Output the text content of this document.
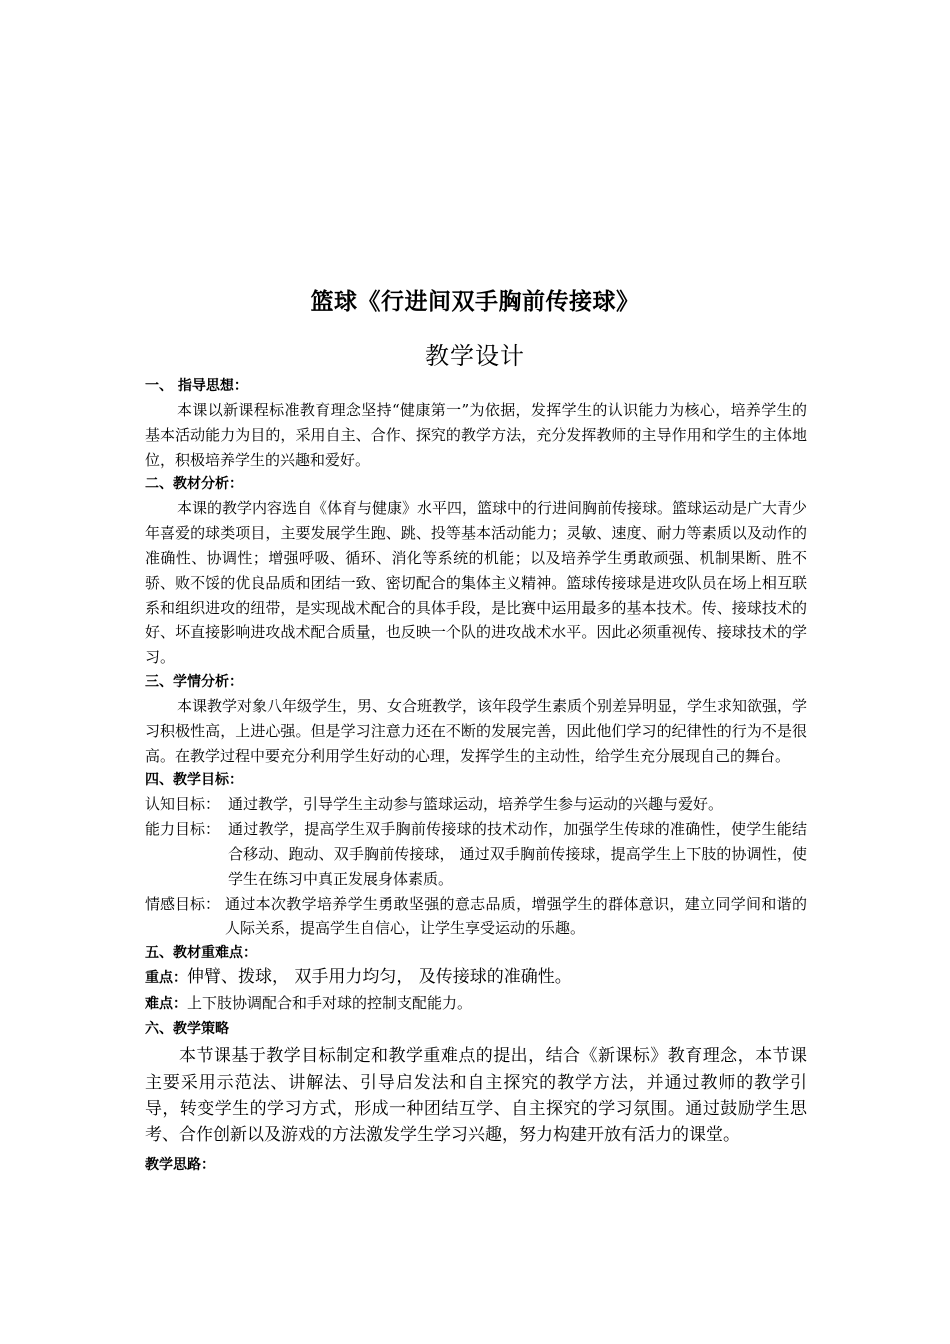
篮球《行进间双手胸前传接球》
教学设计
一、 指导思想：
本课以新课程标准教育理念坚持“健康第一”为依据，发挥学生的认识能力为核心，培养学生的基本活动能力为目的，采用自主、合作、探究的教学方法，充分发挥教师的主导作用和学生的主体地位，积极培养学生的兴趣和爱好。
二、教材分析：
本课的教学内容选自《体育与健康》水平四，篮球中的行进间胸前传接球。篮球运动是广大青少年喜爱的球类项目，主要发展学生跑、跳、投等基本活动能力；灵敏、速度、耐力等素质以及动作的准确性、协调性；增强呼吸、循环、消化等系统的机能；以及培养学生勇敢顽强、机制果断、胜不骄、败不馁的优良品质和团结一致、密切配合的集体主义精神。篮球传接球是进攻队员在场上相互联系和组织进攻的纽带，是实现战术配合的具体手段，是比赛中运用最多的基本技术。传、接球技术的好、坏直接影响进攻战术配合质量，也反映一个队的进攻战术水平。因此必须重视传、接球技术的学习。
三、学情分析：
本课教学对象八年级学生，男、女合班教学，该年段学生素质个别差异明显，学生求知欲强，学习积极性高，上进心强。但是学习注意力还在不断的发展完善，因此他们学习的纪律性的行为不是很高。在教学过程中要充分利用学生好动的心理，发挥学生的主动性，给学生充分展现自己的舞台。
四、教学目标：
认知目标： 通过教学，引导学生主动参与篮球运动，培养学生参与运动的兴趣与爱好。
能力目标： 通过教学，提高学生双手胸前传接球的技术动作，加强学生传球的准确性，使学生能结合移动、跑动、双手胸前传接球， 通过双手胸前传接球，提高学生上下肢的协调性，使学生在练习中真正发展身体素质。
情感目标： 通过本次教学培养学生勇敢坚强的意志品质，增强学生的群体意识，建立同学间和谐的人际关系，提高学生自信心，让学生享受运动的乐趣。
五、教材重难点：
重点：伸臂、拨球， 双手用力均匀， 及传接球的准确性。
难点：上下肢协调配合和手对球的控制支配能力。
六、教学策略
本节课基于教学目标制定和教学重难点的提出，结合《新课标》教育理念，本节课主要采用示范法、讲解法、引导启发法和自主探究的教学方法，并通过教师的教学引导，转变学生的学习方式，形成一种团结互学、自主探究的学习氛围。通过鼓励学生思考、合作创新以及游戏的方法激发学生学习兴趣，努力构建开放有活力的课堂。
教学思路：
